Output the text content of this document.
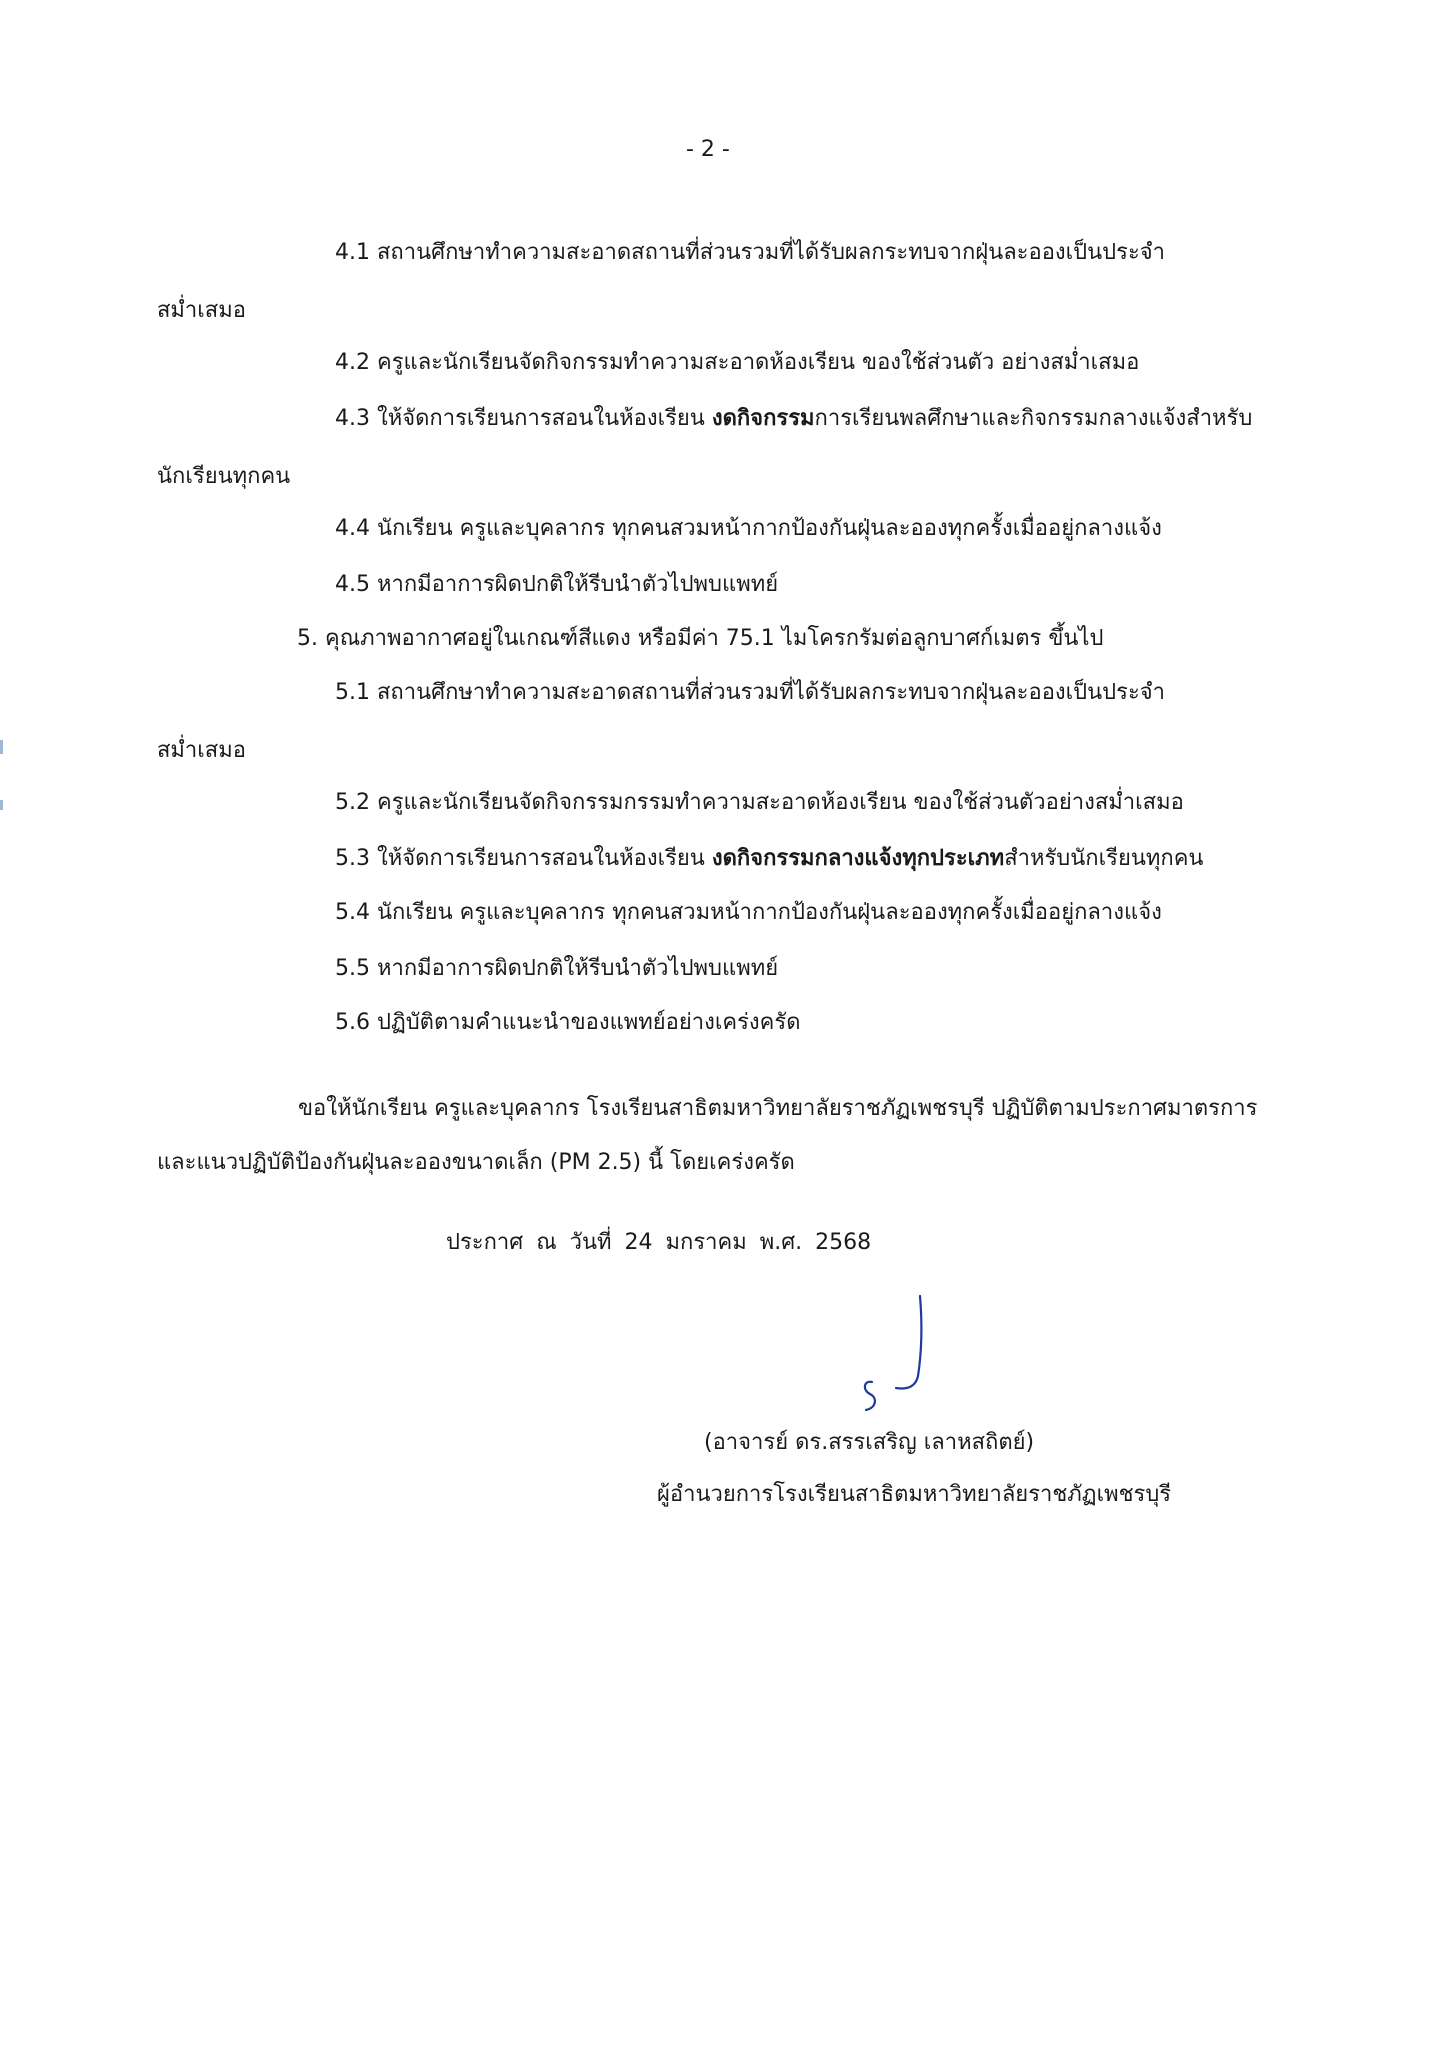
- 2 -
4.1 สถานศึกษาทำความสะอาดสถานที่ส่วนรวมที่ได้รับผลกระทบจากฝุ่นละอองเป็นประจำ
สม่ำเสมอ
4.2 ครูและนักเรียนจัดกิจกรรมทำความสะอาดห้องเรียน ของใช้ส่วนตัว อย่างสม่ำเสมอ
4.3 ให้จัดการเรียนการสอนในห้องเรียน งดกิจกรรมการเรียนพลศึกษาและกิจกรรมกลางแจ้งสำหรับ
นักเรียนทุกคน
4.4 นักเรียน ครูและบุคลากร ทุกคนสวมหน้ากากป้องกันฝุ่นละอองทุกครั้งเมื่ออยู่กลางแจ้ง
4.5 หากมีอาการผิดปกติให้รีบนำตัวไปพบแพทย์
5. คุณภาพอากาศอยู่ในเกณฑ์สีแดง หรือมีค่า 75.1 ไมโครกรัมต่อลูกบาศก์เมตร ขึ้นไป
5.1 สถานศึกษาทำความสะอาดสถานที่ส่วนรวมที่ได้รับผลกระทบจากฝุ่นละอองเป็นประจำ
สม่ำเสมอ
5.2 ครูและนักเรียนจัดกิจกรรมกรรมทำความสะอาดห้องเรียน ของใช้ส่วนตัวอย่างสม่ำเสมอ
5.3 ให้จัดการเรียนการสอนในห้องเรียน งดกิจกรรมกลางแจ้งทุกประเภทสำหรับนักเรียนทุกคน
5.4 นักเรียน ครูและบุคลากร ทุกคนสวมหน้ากากป้องกันฝุ่นละอองทุกครั้งเมื่ออยู่กลางแจ้ง
5.5 หากมีอาการผิดปกติให้รีบนำตัวไปพบแพทย์
5.6 ปฏิบัติตามคำแนะนำของแพทย์อย่างเคร่งครัด
ขอให้นักเรียน ครูและบุคลากร โรงเรียนสาธิตมหาวิทยาลัยราชภัฏเพชรบุรี ปฏิบัติตามประกาศมาตรการ
และแนวปฏิบัติป้องกันฝุ่นละอองขนาดเล็ก (PM 2.5) นี้ โดยเคร่งครัด
ประกาศ ณ วันที่ 24 มกราคม พ.ศ. 2568
(อาจารย์ ดร.สรรเสริญ เลาหสถิตย์)
ผู้อำนวยการโรงเรียนสาธิตมหาวิทยาลัยราชภัฏเพชรบุรี
